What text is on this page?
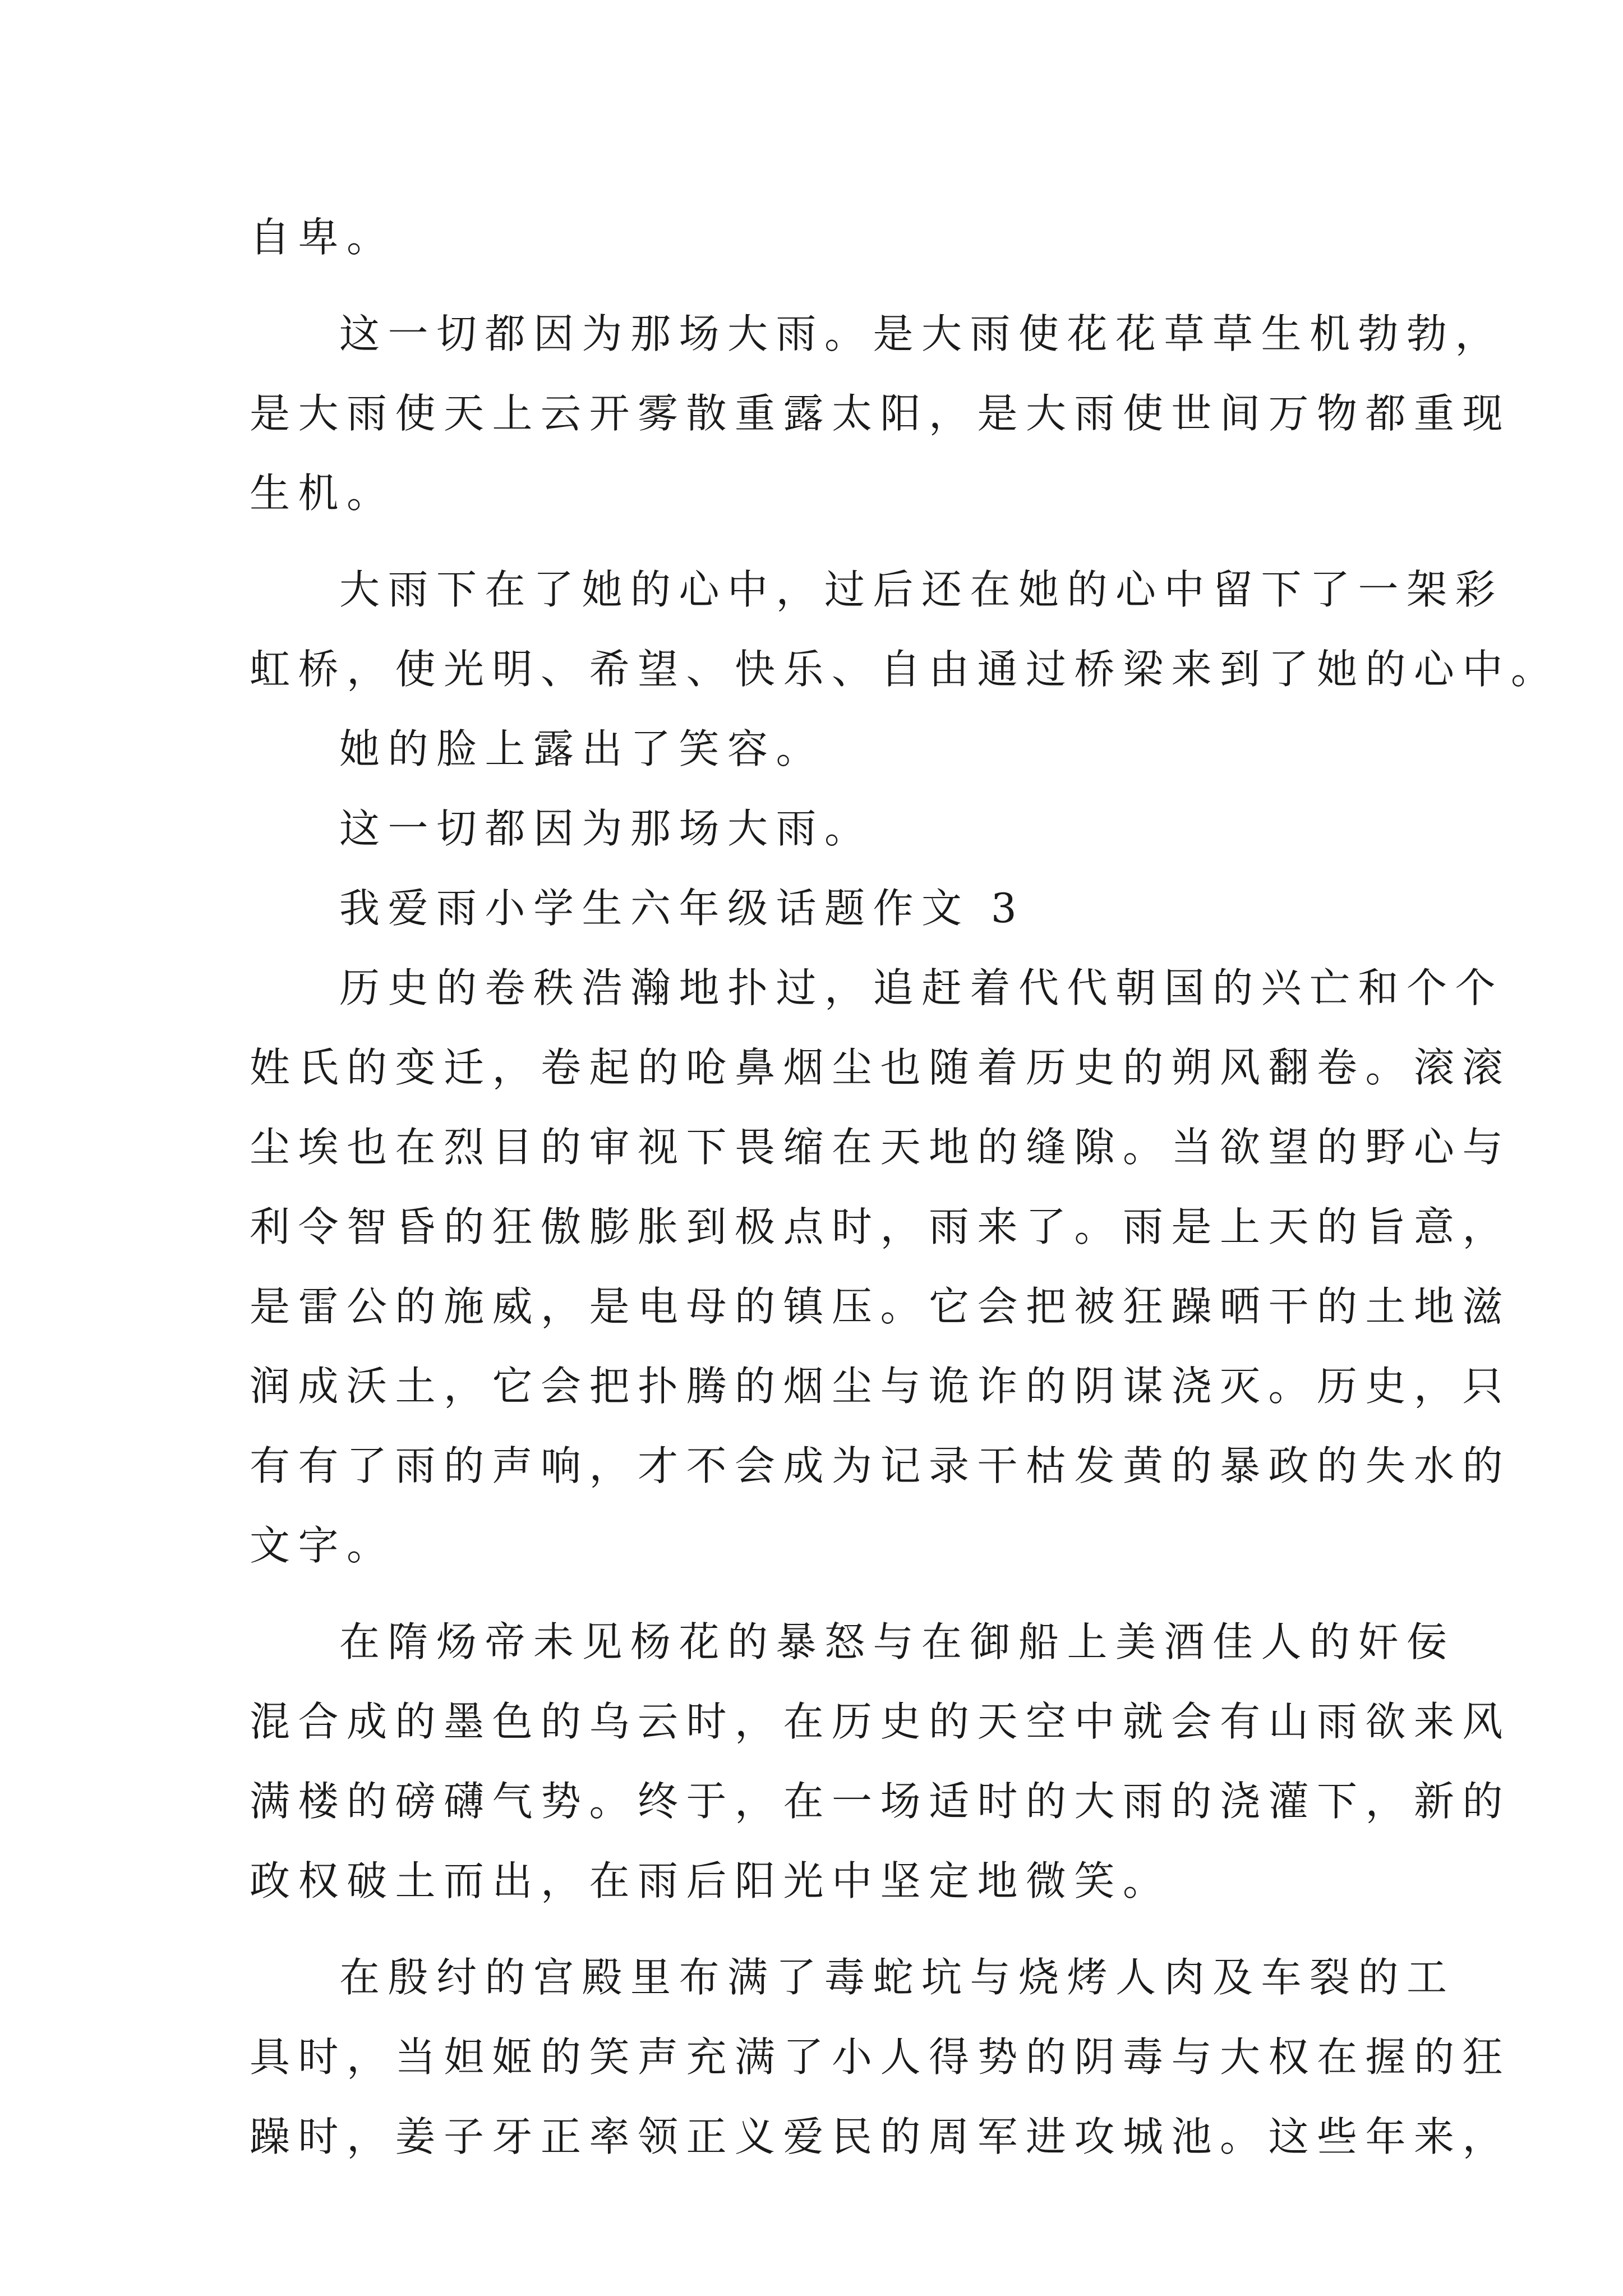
自卑。
这一切都因为那场大雨。是大雨使花花草草生机勃勃，
是大雨使天上云开雾散重露太阳，是大雨使世间万物都重现
生机。
大雨下在了她的心中，过后还在她的心中留下了一架彩
虹桥，使光明、希望、快乐、自由通过桥梁来到了她的心中。
她的脸上露出了笑容。
这一切都因为那场大雨。
我爱雨小学生六年级话题作文 3
历史的卷秩浩瀚地扑过，追赶着代代朝国的兴亡和个个
姓氏的变迁，卷起的呛鼻烟尘也随着历史的朔风翻卷。滚滚
尘埃也在烈目的审视下畏缩在天地的缝隙。当欲望的野心与
利令智昏的狂傲膨胀到极点时，雨来了。雨是上天的旨意，
是雷公的施威，是电母的镇压。它会把被狂躁晒干的土地滋
润成沃土，它会把扑腾的烟尘与诡诈的阴谋浇灭。历史，只
有有了雨的声响，才不会成为记录干枯发黄的暴政的失水的
文字。
在隋炀帝未见杨花的暴怒与在御船上美酒佳人的奸佞
混合成的墨色的乌云时，在历史的天空中就会有山雨欲来风
满楼的磅礴气势。终于，在一场适时的大雨的浇灌下，新的
政权破土而出，在雨后阳光中坚定地微笑。
在殷纣的宫殿里布满了毒蛇坑与烧烤人肉及车裂的工
具时，当妲姬的笑声充满了小人得势的阴毒与大权在握的狂
躁时，姜子牙正率领正义爱民的周军进攻城池。这些年来，
